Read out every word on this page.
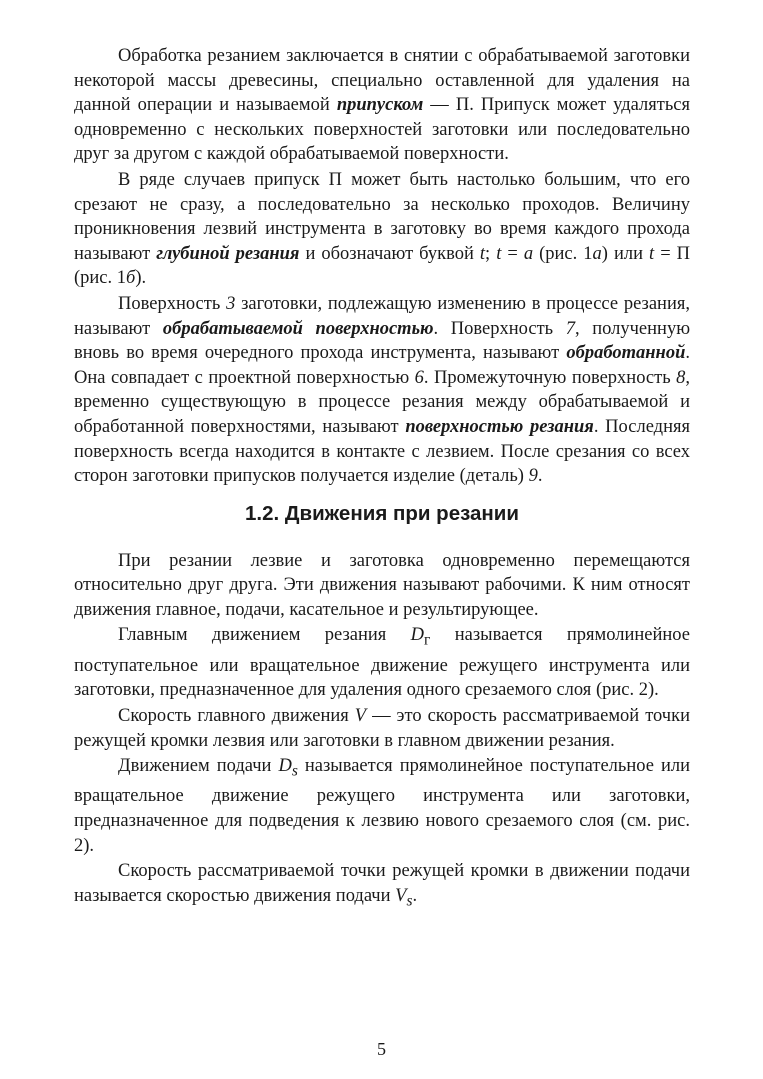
Обработка резанием заключается в снятии с обрабатываемой заготовки некоторой массы древесины, специально оставленной для удаления на данной операции и называемой припуском — П. Припуск может удаляться одновременно с нескольких поверхностей заготовки или последовательно друг за другом с каждой обрабатываемой поверхности.

В ряде случаев припуск П может быть настолько большим, что его срезают не сразу, а последовательно за несколько проходов. Величину проникновения лезвий инструмента в заготовку во время каждого прохода называют глубиной резания и обозначают буквой t; t = a (рис. 1а) или t = П (рис. 1б).

Поверхность 3 заготовки, подлежащую изменению в процессе резания, называют обрабатываемой поверхностью. Поверхность 7, полученную вновь во время очередного прохода инструмента, называют обработанной. Она совпадает с проектной поверхностью 6. Промежуточную поверхность 8, временно существующую в процессе резания между обрабатываемой и обработанной поверхностями, называют поверхностью резания. Последняя поверхность всегда находится в контакте с лезвием. После срезания со всех сторон заготовки припусков получается изделие (деталь) 9.

1.2. Движения при резании

При резании лезвие и заготовка одновременно перемещаются относительно друг друга. Эти движения называют рабочими. К ним относят движения главное, подачи, касательное и результирующее.

Главным движением резания $D_г$ называется прямолинейное поступательное или вращательное движение режущего инструмента или заготовки, предназначенное для удаления одного срезаемого слоя (рис. 2).

Скорость главного движения V — это скорость рассматриваемой точки режущей кромки лезвия или заготовки в главном движении резания.

Движением подачи $D_s$ называется прямолинейное поступательное или вращательное движение режущего инструмента или заготовки, предназначенное для подведения к лезвию нового срезаемого слоя (см. рис. 2).

Скорость рассматриваемой точки режущей кромки в движении подачи называется скоростью движения подачи $V_s$.

5
